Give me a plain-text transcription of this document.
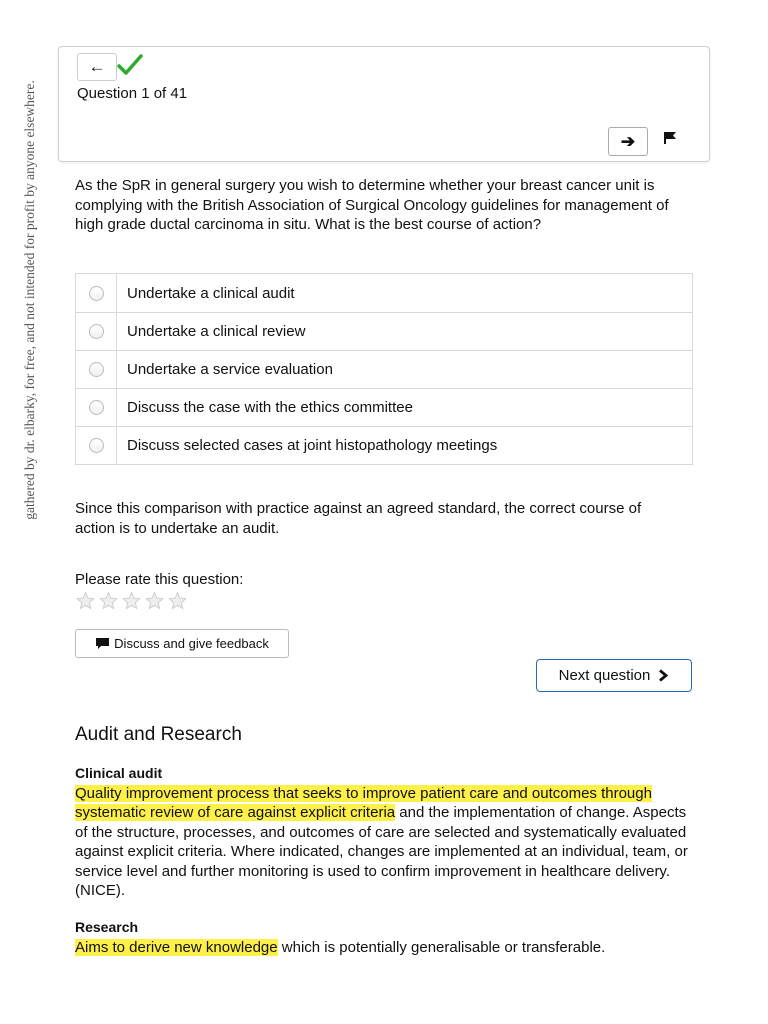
gathered by dr. elbarky, for free, and not intended for profit by anyone elsewhere.
←
Question 1 of 41
➔
As the SpR in general surgery you wish to determine whether your breast cancer unit is complying with the British Association of Surgical Oncology guidelines for management of high grade ductal carcinoma in situ. What is the best course of action?
Undertake a clinical audit
Undertake a clinical review
Undertake a service evaluation
Discuss the case with the ethics committee
Discuss selected cases at joint histopathology meetings
Since this comparison with practice against an agreed standard, the correct course of action is to undertake an audit.
Please rate this question:
Discuss and give feedback
Next question
Audit and Research
Clinical audit
Quality improvement process that seeks to improve patient care and outcomes through systematic review of care against explicit criteria and the implementation of change. Aspects of the structure, processes, and outcomes of care are selected and systematically evaluated against explicit criteria. Where indicated, changes are implemented at an individual, team, or service level and further monitoring is used to confirm improvement in healthcare delivery. (NICE).
Research
Aims to derive new knowledge which is potentially generalisable or transferable.
